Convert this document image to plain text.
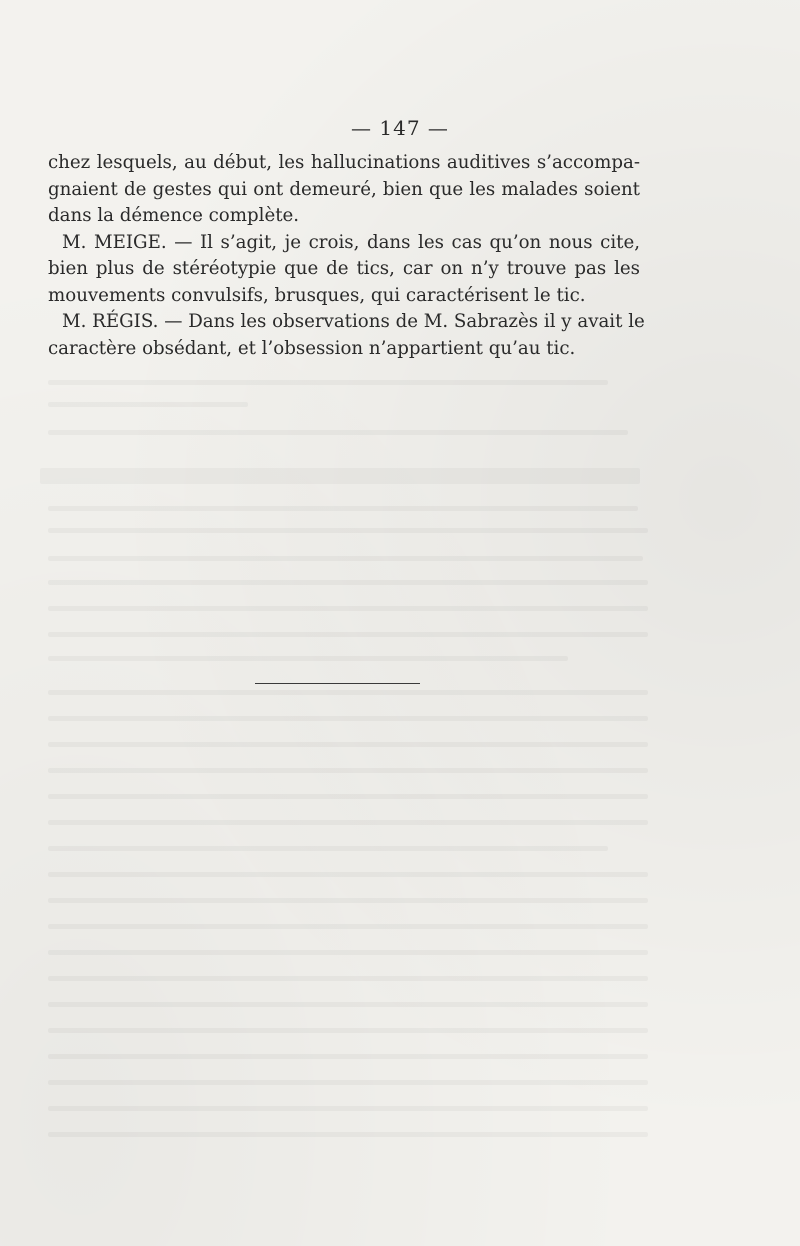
— 147 —
chez lesquels, au début, les hallucinations auditives s’accompa-
gnaient de gestes qui ont demeuré, bien que les malades soient
dans la démence complète.
M. MEIGE. — Il s’agit, je crois, dans les cas qu’on nous cite,
bien plus de stéréotypie que de tics, car on n’y trouve pas les
mouvements convulsifs, brusques, qui caractérisent le tic.
M. RÉGIS. — Dans les observations de M. Sabrazès il y avait le
caractère obsédant, et l’obsession n’appartient qu’au tic.
